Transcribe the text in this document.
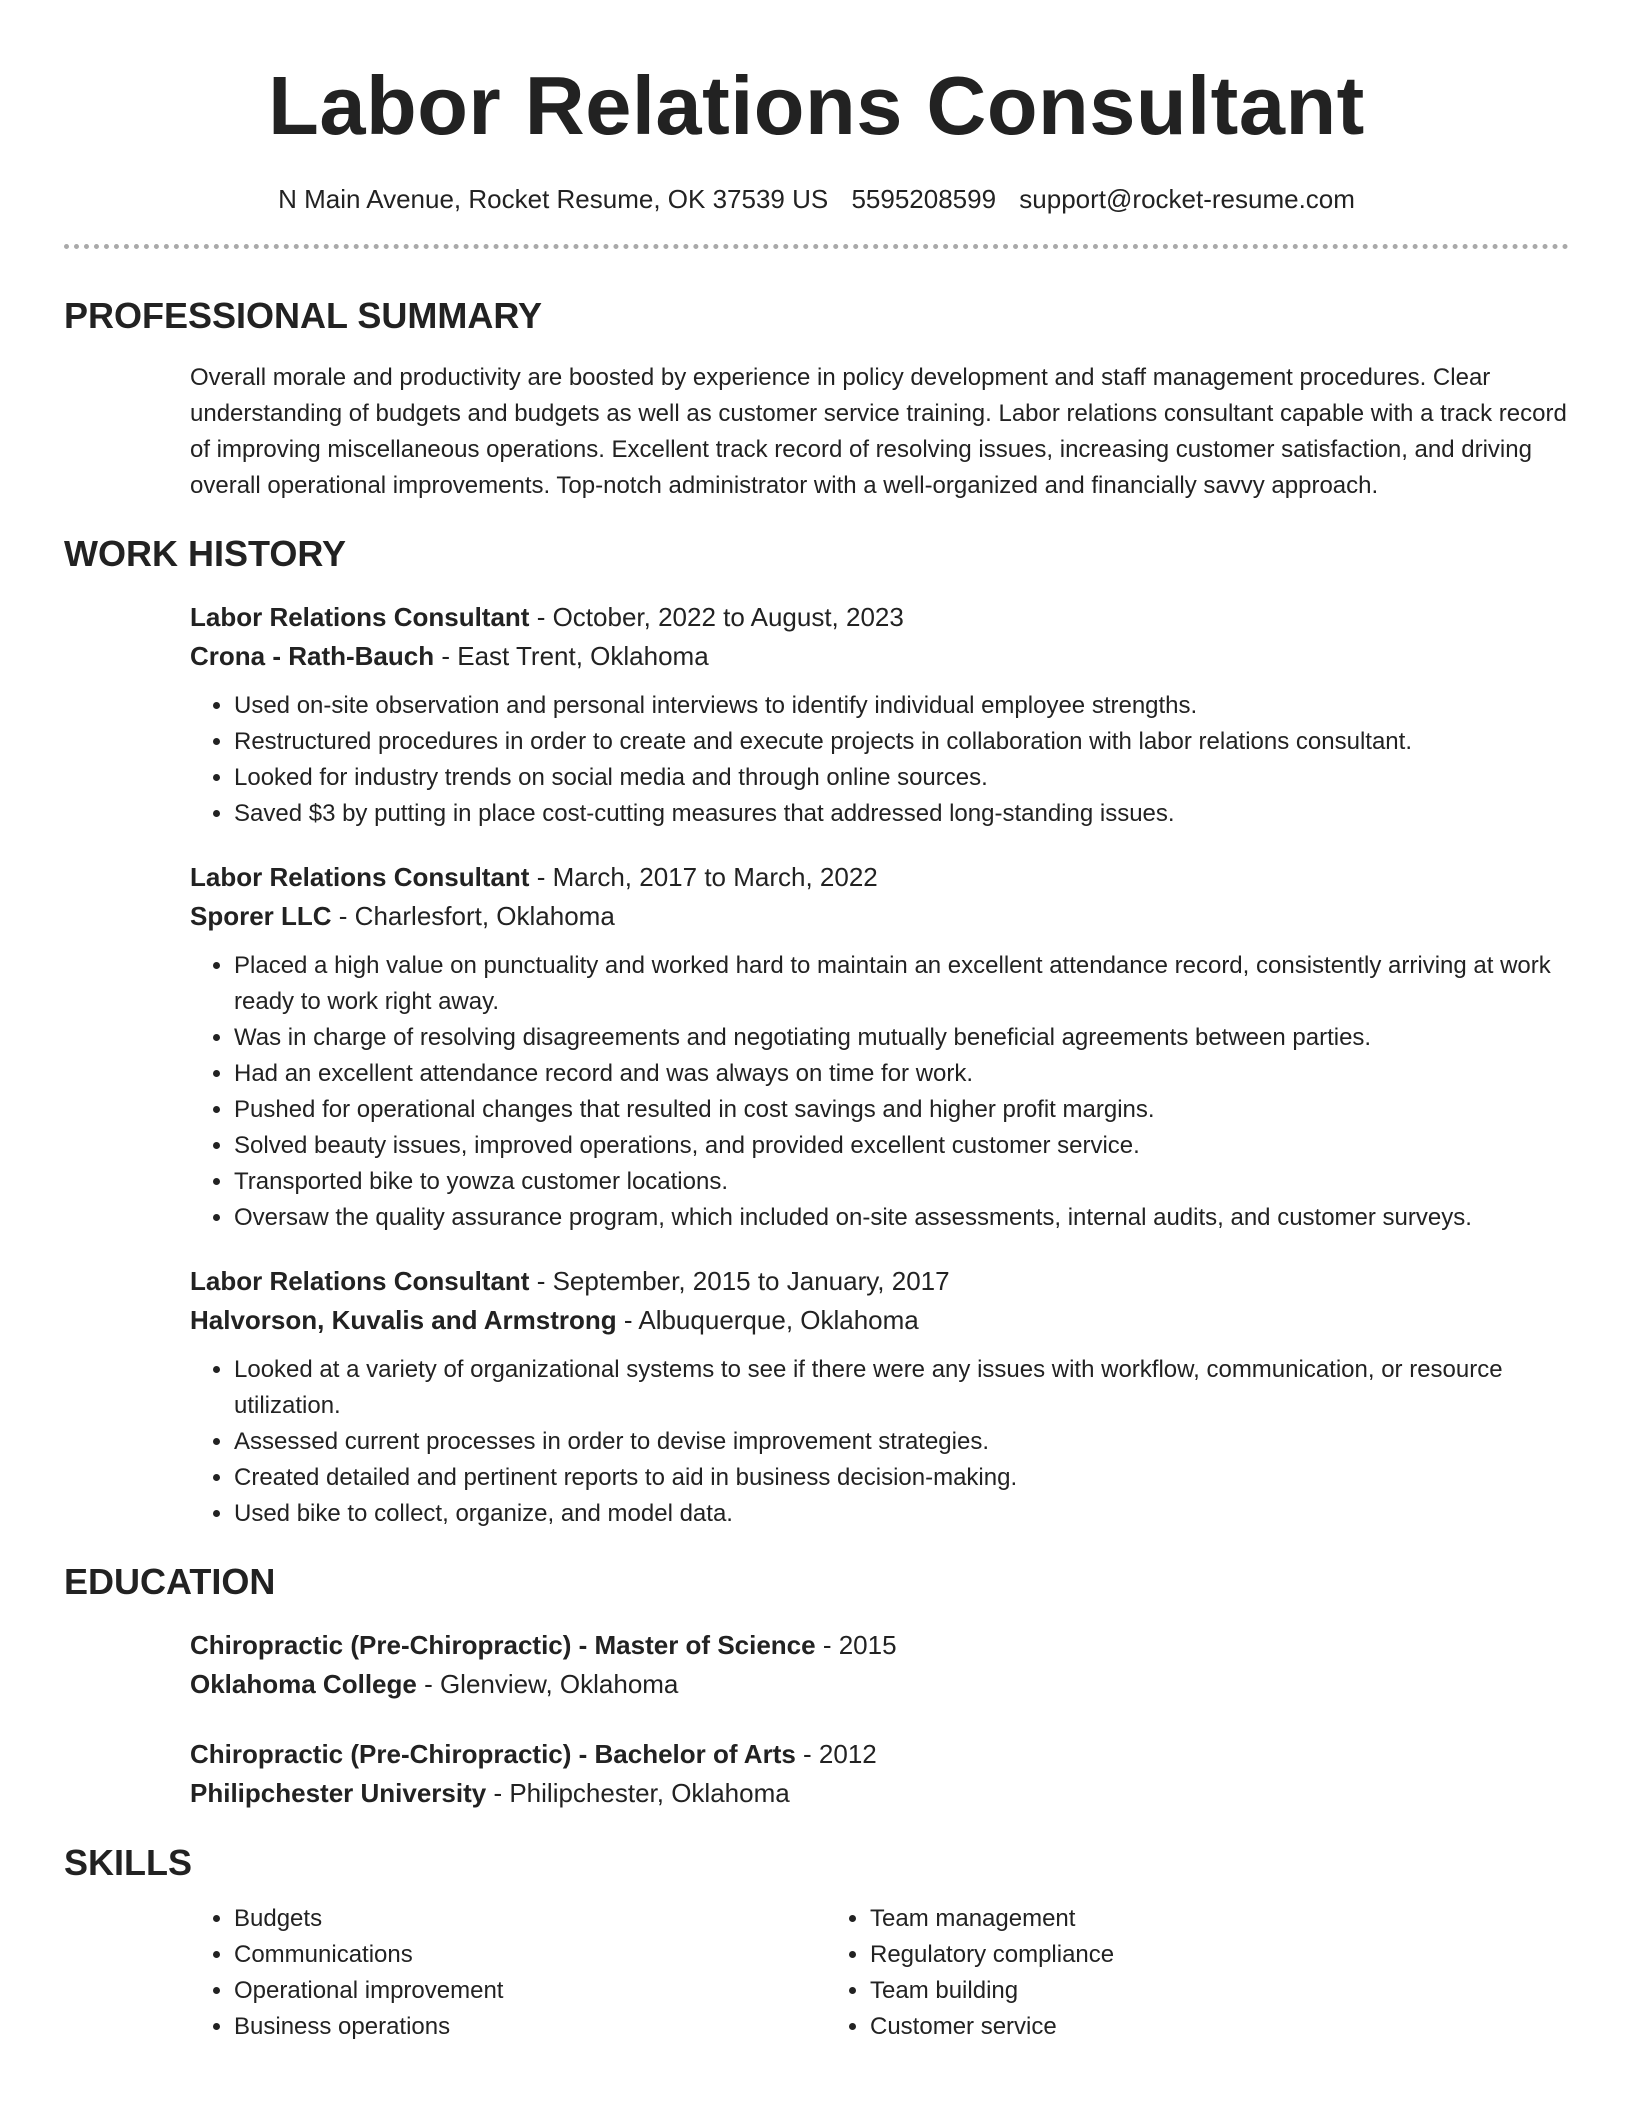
Labor Relations Consultant
N Main Avenue, Rocket Resume, OK 37539 US 5595208599 support@rocket-resume.com
PROFESSIONAL SUMMARY

Overall morale and productivity are boosted by experience in policy development and staff management procedures. Clear understanding of budgets and budgets as well as customer service training. Labor relations consultant capable with a track record of improving miscellaneous operations. Excellent track record of resolving issues, increasing customer satisfaction, and driving overall operational improvements. Top-notch administrator with a well-organized and financially savvy approach.

WORK HISTORY
Labor Relations Consultant - October, 2022 to August, 2023
Crona - Rath-Bauch - East Trent, Oklahoma
• Used on-site observation and personal interviews to identify individual employee strengths.
• Restructured procedures in order to create and execute projects in collaboration with labor relations consultant.
• Looked for industry trends on social media and through online sources.
• Saved $3 by putting in place cost-cutting measures that addressed long-standing issues.
Labor Relations Consultant - March, 2017 to March, 2022
Sporer LLC - Charlesfort, Oklahoma
• Placed a high value on punctuality and worked hard to maintain an excellent attendance record, consistently arriving at work ready to work right away.
• Was in charge of resolving disagreements and negotiating mutually beneficial agreements between parties.
• Had an excellent attendance record and was always on time for work.
• Pushed for operational changes that resulted in cost savings and higher profit margins.
• Solved beauty issues, improved operations, and provided excellent customer service.
• Transported bike to yowza customer locations.
• Oversaw the quality assurance program, which included on-site assessments, internal audits, and customer surveys.
Labor Relations Consultant - September, 2015 to January, 2017
Halvorson, Kuvalis and Armstrong - Albuquerque, Oklahoma
• Looked at a variety of organizational systems to see if there were any issues with workflow, communication, or resource utilization.
• Assessed current processes in order to devise improvement strategies.
• Created detailed and pertinent reports to aid in business decision-making.
• Used bike to collect, organize, and model data.
EDUCATION
Chiropractic (Pre-Chiropractic) - Master of Science - 2015
Oklahoma College - Glenview, Oklahoma
Chiropractic (Pre-Chiropractic) - Bachelor of Arts - 2012
Philipchester University - Philipchester, Oklahoma
SKILLS
• Budgets
• Communications
• Operational improvement
• Business operations
• Team management
• Regulatory compliance
• Team building
• Customer service
